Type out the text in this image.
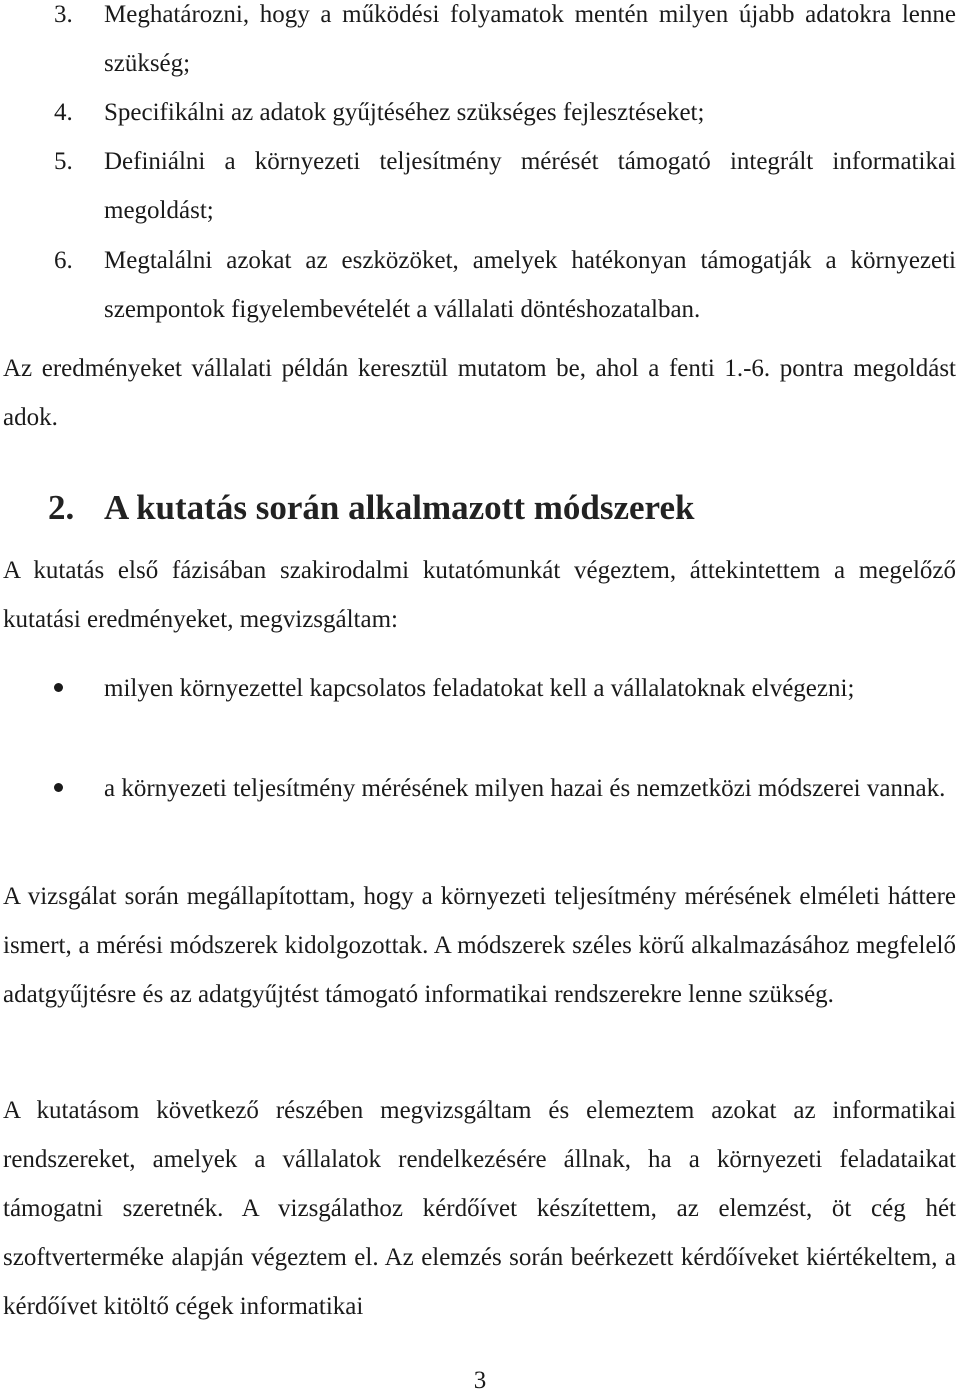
3.	Meghatározni, hogy a működési folyamatok mentén milyen újabb adatokra lenne szükség;

4.	Specifikálni az adatok gyűjtéséhez szükséges fejlesztéseket;

5.	Definiálni a környezeti teljesítmény mérését támogató integrált informatikai megoldást;

6.	Megtalálni azokat az eszközöket, amelyek hatékonyan támogatják a környezeti szempontok figyelembevételét a vállalati döntéshozatalban.

Az eredményeket vállalati példán keresztül mutatom be, ahol a fenti 1.-6. pontra megoldást adok.

2. A kutatás során alkalmazott módszerek

A kutatás első fázisában szakirodalmi kutatómunkát végeztem, áttekintettem a megelőző kutatási eredményeket, megvizsgáltam:

milyen környezettel kapcsolatos feladatokat kell a vállalatoknak elvégezni;

a környezeti teljesítmény mérésének milyen hazai és nemzetközi módszerei vannak.

A vizsgálat során megállapítottam, hogy a környezeti teljesítmény mérésének elméleti háttere ismert, a mérési módszerek kidolgozottak. A módszerek széles körű alkalmazásához megfelelő adatgyűjtésre és az adatgyűjtést támogató informatikai rendszerekre lenne szükség.

A kutatásom következő részében megvizsgáltam és elemeztem azokat az informatikai rendszereket, amelyek a vállalatok rendelkezésére állnak, ha a környezeti feladataikat támogatni szeretnék. A vizsgálathoz kérdőívet készítettem, az elemzést, öt cég hét szoftverterméke alapján végeztem el. Az elemzés során beérkezett kérdőíveket kiértékeltem, a kérdőívet kitöltő cégek informatikai

3
